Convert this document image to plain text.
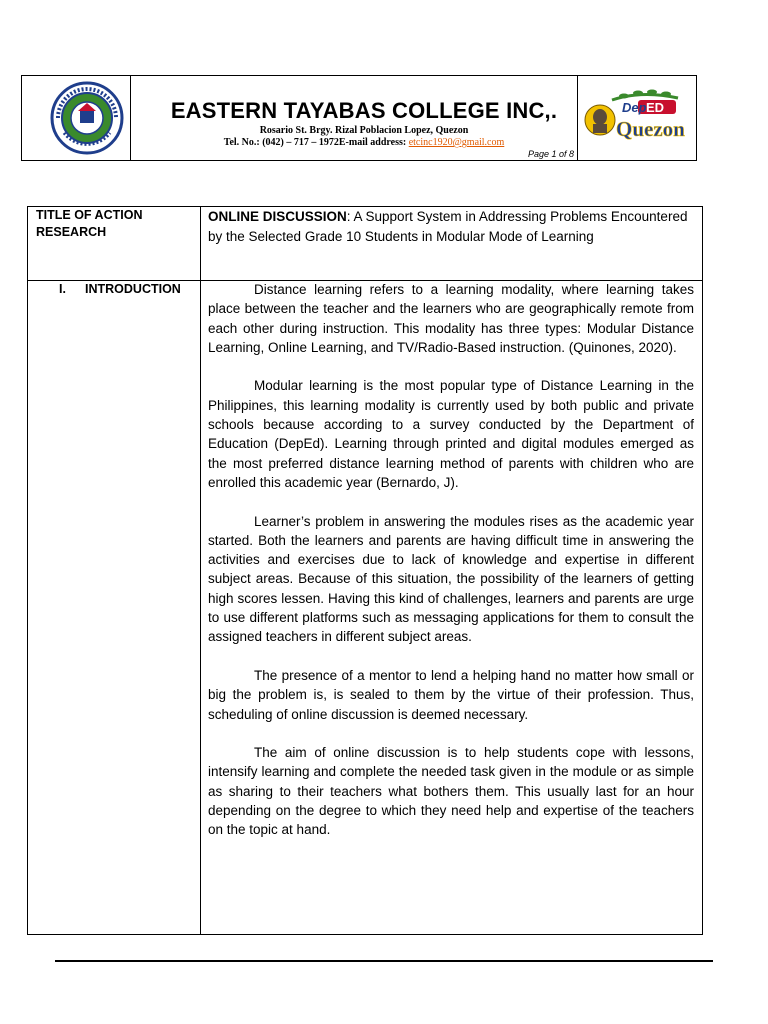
EASTERN TAYABAS COLLEGE INC,.
Rosario St. Brgy. Rizal Poblacion Lopez, Quezon
Tel. No.: (042) – 717 – 1972E-mail address: etcinc1920@gmail.com
Page 1 of 8
Dep ED
Quezon
TITLE OF ACTION RESEARCH
ONLINE DISCUSSION: A Support System in Addressing Problems Encountered by the Selected Grade 10 Students in Modular Mode of Learning
I. INTRODUCTION	Distance learning refers to a learning modality, where learning takes place between the teacher and the learners who are geographically remote from each other during instruction. This modality has three types: Modular Distance Learning, Online Learning, and TV/Radio-Based instruction. (Quinones, 2020).

Modular learning is the most popular type of Distance Learning in the Philippines, this learning modality is currently used by both public and private schools because according to a survey conducted by the Department of Education (DepEd). Learning through printed and digital modules emerged as the most preferred distance learning method of parents with children who are enrolled this academic year (Bernardo, J).

Learner’s problem in answering the modules rises as the academic year started. Both the learners and parents are having difficult time in answering the activities and exercises due to lack of knowledge and expertise in different subject areas. Because of this situation, the possibility of the learners of getting high scores lessen. Having this kind of challenges, learners and parents are urge to use different platforms such as messaging applications for them to consult the assigned teachers in different subject areas.

The presence of a mentor to lend a helping hand no matter how small or big the problem is, is sealed to them by the virtue of their profession. Thus, scheduling of online discussion is deemed necessary.

The aim of online discussion is to help students cope with lessons, intensify learning and complete the needed task given in the module or as simple as sharing to their teachers what bothers them. This usually last for an hour depending on the degree to which they need help and expertise of the teachers on the topic at hand.
